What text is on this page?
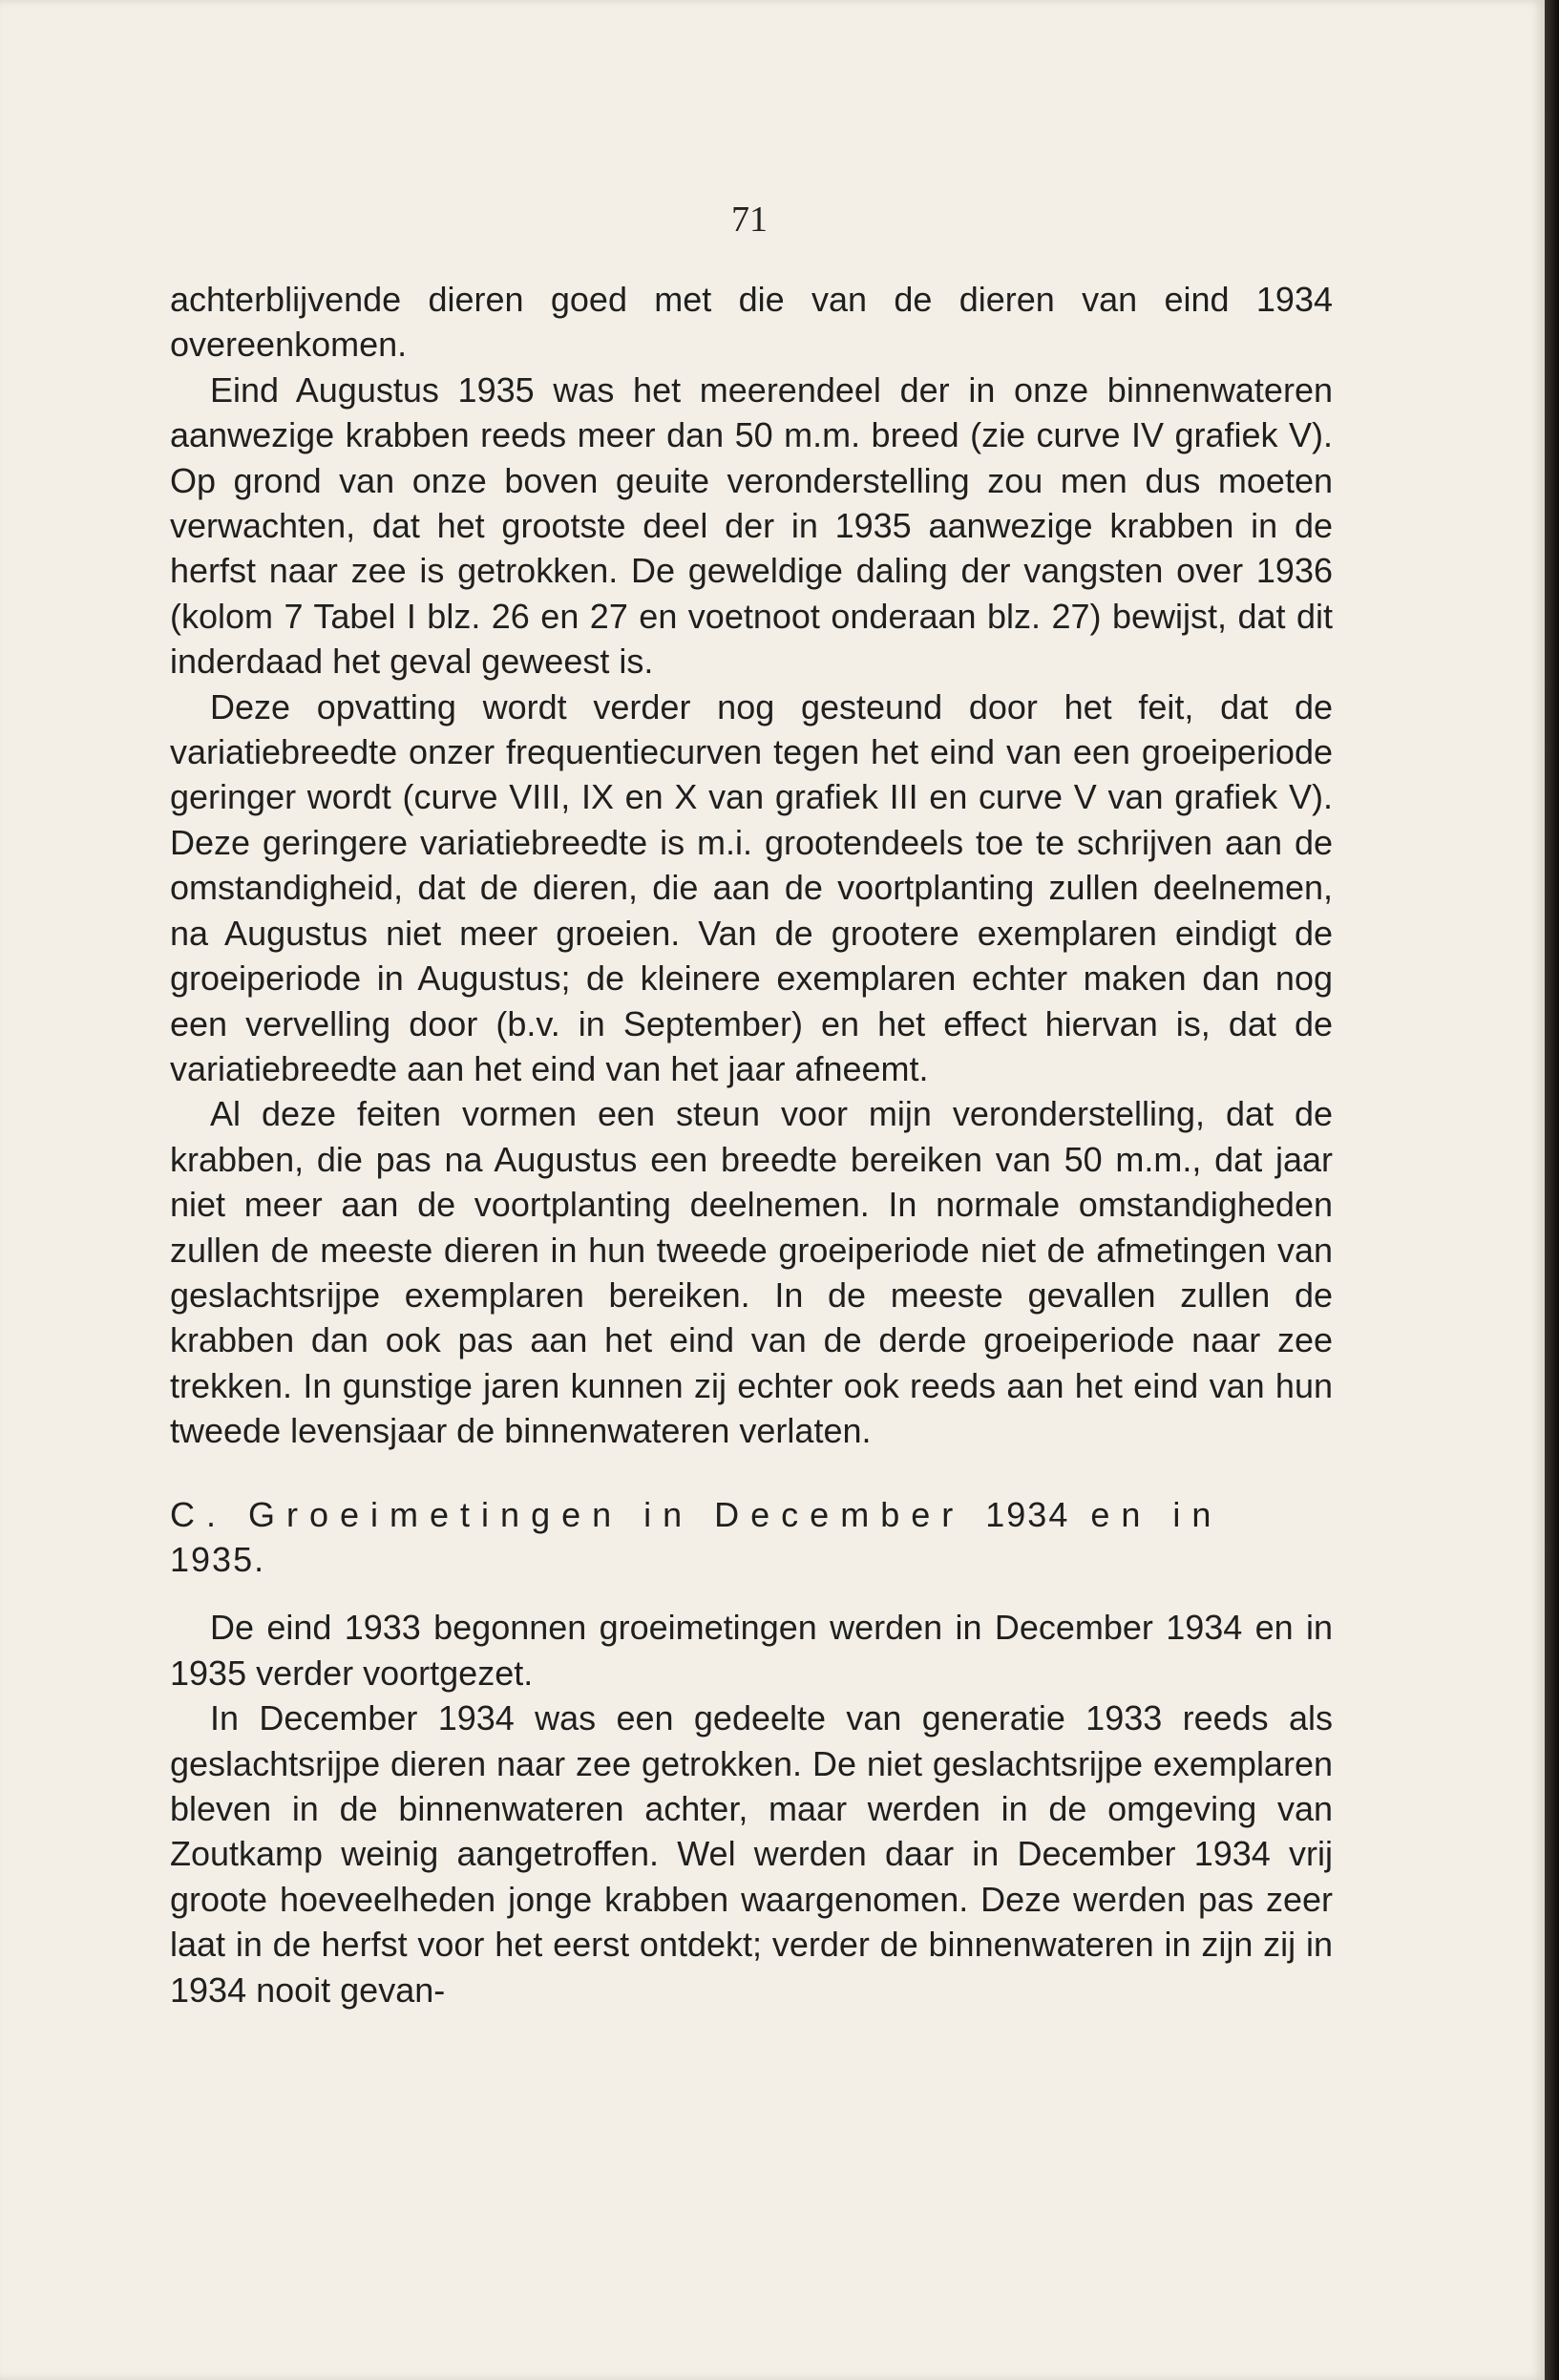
71

achterblijvende dieren goed met die van de dieren van eind 1934 overeenkomen.

Eind Augustus 1935 was het meerendeel der in onze binnenwateren aanwezige krabben reeds meer dan 50 m.m. breed (zie curve IV grafiek V). Op grond van onze boven geuite veronderstelling zou men dus moeten verwachten, dat het grootste deel der in 1935 aanwezige krabben in de herfst naar zee is getrokken. De geweldige daling der vangsten over 1936 (kolom 7 Tabel I blz. 26 en 27 en voetnoot onderaan blz. 27) bewijst, dat dit inderdaad het geval geweest is.

Deze opvatting wordt verder nog gesteund door het feit, dat de variatiebreedte onzer frequentiecurven tegen het eind van een groeiperiode geringer wordt (curve VIII, IX en X van grafiek III en curve V van grafiek V). Deze geringere variatiebreedte is m.i. grootendeels toe te schrijven aan de omstandigheid, dat de dieren, die aan de voortplanting zullen deelnemen, na Augustus niet meer groeien. Van de grootere exemplaren eindigt de groeiperiode in Augustus; de kleinere exemplaren echter maken dan nog een vervelling door (b.v. in September) en het effect hiervan is, dat de variatiebreedte aan het eind van het jaar afneemt.

Al deze feiten vormen een steun voor mijn veronderstelling, dat de krabben, die pas na Augustus een breedte bereiken van 50 m.m., dat jaar niet meer aan de voortplanting deelnemen. In normale omstandigheden zullen de meeste dieren in hun tweede groeiperiode niet de afmetingen van geslachtsrijpe exemplaren bereiken. In de meeste gevallen zullen de krabben dan ook pas aan het eind van de derde groeiperiode naar zee trekken. In gunstige jaren kunnen zij echter ook reeds aan het eind van hun tweede levensjaar de binnenwateren verlaten.

C. Groeimetingen in December 1934 en in 1935.

De eind 1933 begonnen groeimetingen werden in December 1934 en in 1935 verder voortgezet.

In December 1934 was een gedeelte van generatie 1933 reeds als geslachtsrijpe dieren naar zee getrokken. De niet geslachtsrijpe exemplaren bleven in de binnenwateren achter, maar werden in de omgeving van Zoutkamp weinig aangetroffen. Wel werden daar in December 1934 vrij groote hoeveelheden jonge krabben waargenomen. Deze werden pas zeer laat in de herfst voor het eerst ontdekt; verder de binnenwateren in zijn zij in 1934 nooit gevan-
